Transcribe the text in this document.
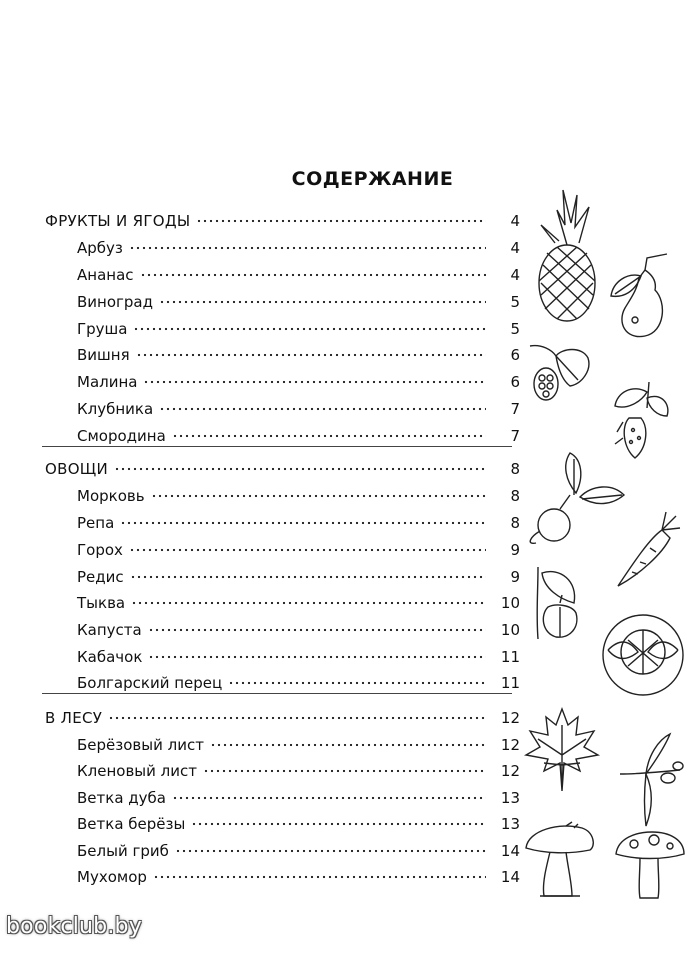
СОДЕРЖАНИЕ
ФРУКТЫ И ЯГОДЫ	4
Арбуз	4
Ананас	4
Виноград	5
Груша	5
Вишня	6
Малина	6
Клубника	7
Смородина	7
ОВОЩИ	8
Морковь	8
Репа	8
Горох	9
Редис	9
Тыква	10
Капуста	10
Кабачок	11
Болгарский перец	11
В ЛЕСУ	12
Берёзовый лист	12
Кленовый лист	12
Ветка дуба	13
Ветка берёзы	13
Белый гриб	14
Мухомор	14
bookclub.by
